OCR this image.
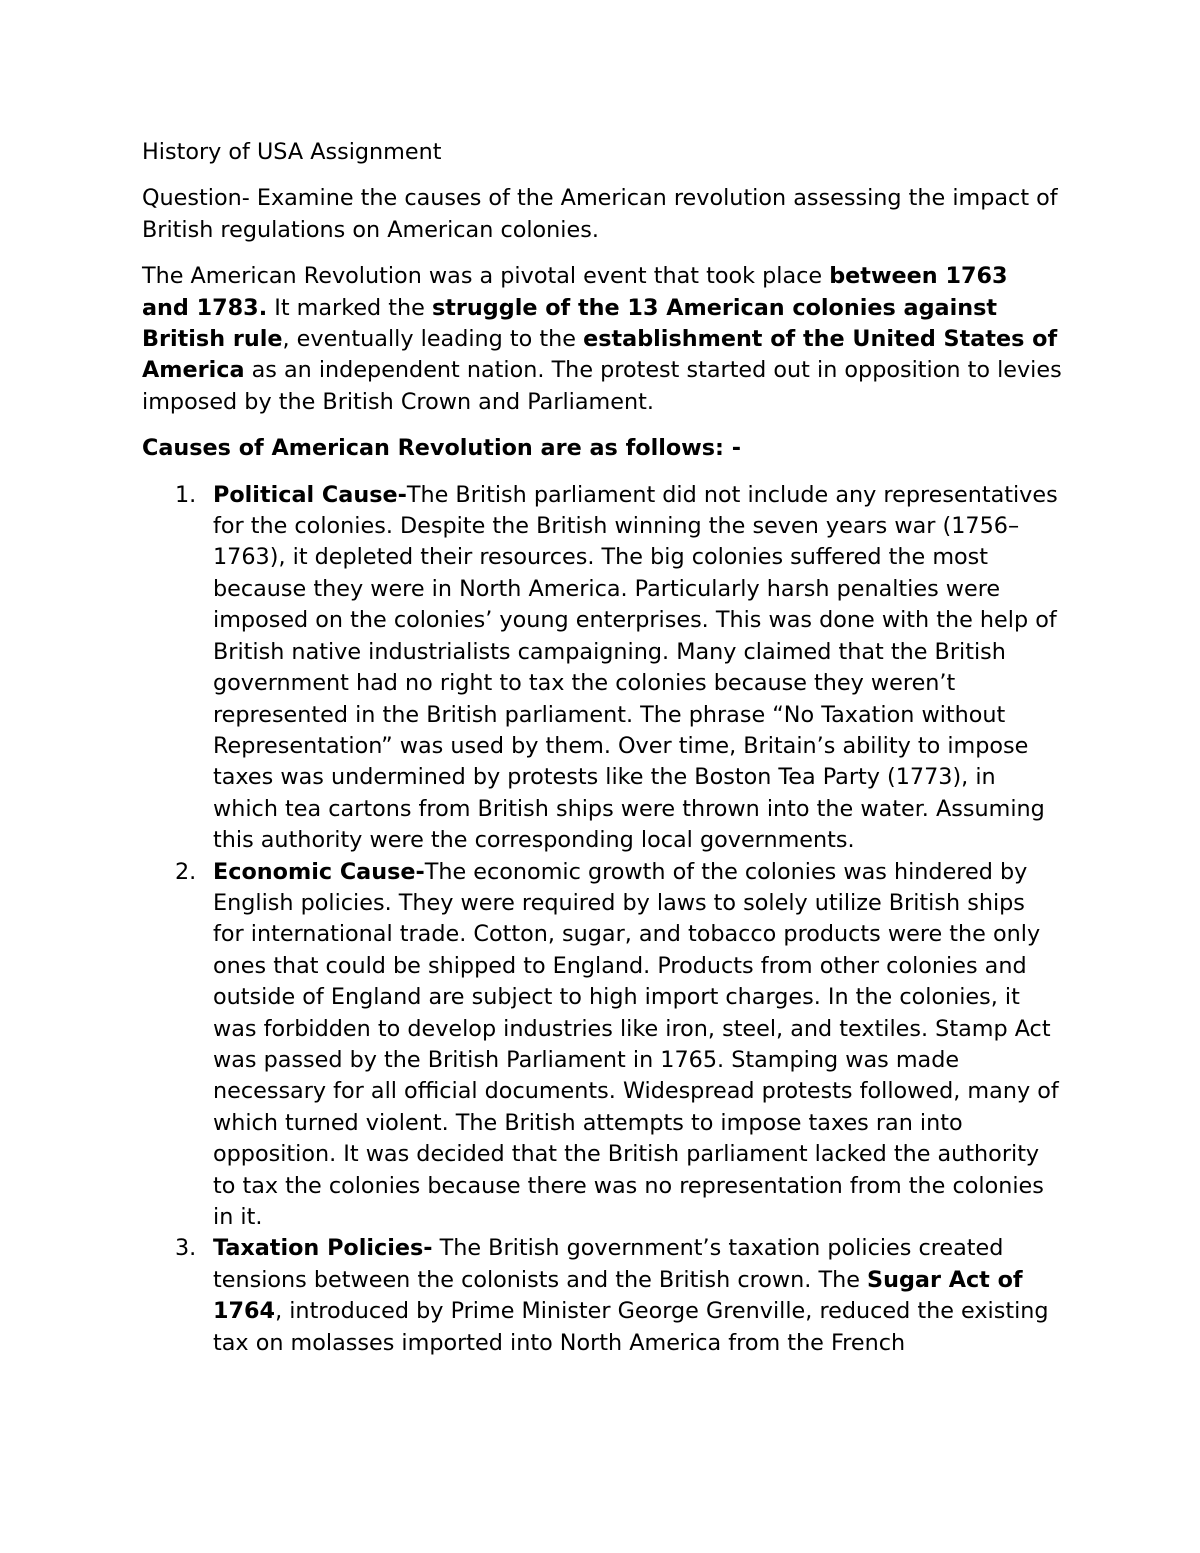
History of USA Assignment

Question- Examine the causes of the American revolution assessing the impact of British regulations on American colonies.

The American Revolution was a pivotal event that took place between 1763 and 1783. It marked the struggle of the 13 American colonies against British rule, eventually leading to the establishment of the United States of America as an independent nation. The protest started out in opposition to levies imposed by the British Crown and Parliament.

Causes of American Revolution are as follows: -

1. Political Cause-The British parliament did not include any representatives for the colonies. Despite the British winning the seven years war (1756–1763), it depleted their resources. The big colonies suffered the most because they were in North America. Particularly harsh penalties were imposed on the colonies’ young enterprises. This was done with the help of British native industrialists campaigning. Many claimed that the British government had no right to tax the colonies because they weren’t represented in the British parliament. The phrase “No Taxation without Representation” was used by them. Over time, Britain’s ability to impose taxes was undermined by protests like the Boston Tea Party (1773), in which tea cartons from British ships were thrown into the water. Assuming this authority were the corresponding local governments.
2. Economic Cause-The economic growth of the colonies was hindered by English policies. They were required by laws to solely utilize British ships for international trade. Cotton, sugar, and tobacco products were the only ones that could be shipped to England. Products from other colonies and outside of England are subject to high import charges. In the colonies, it was forbidden to develop industries like iron, steel, and textiles. Stamp Act was passed by the British Parliament in 1765. Stamping was made necessary for all official documents. Widespread protests followed, many of which turned violent. The British attempts to impose taxes ran into opposition. It was decided that the British parliament lacked the authority to tax the colonies because there was no representation from the colonies in it.
3. Taxation Policies- The British government’s taxation policies created tensions between the colonists and the British crown. The Sugar Act of 1764, introduced by Prime Minister George Grenville, reduced the existing tax on molasses imported into North America from the French
